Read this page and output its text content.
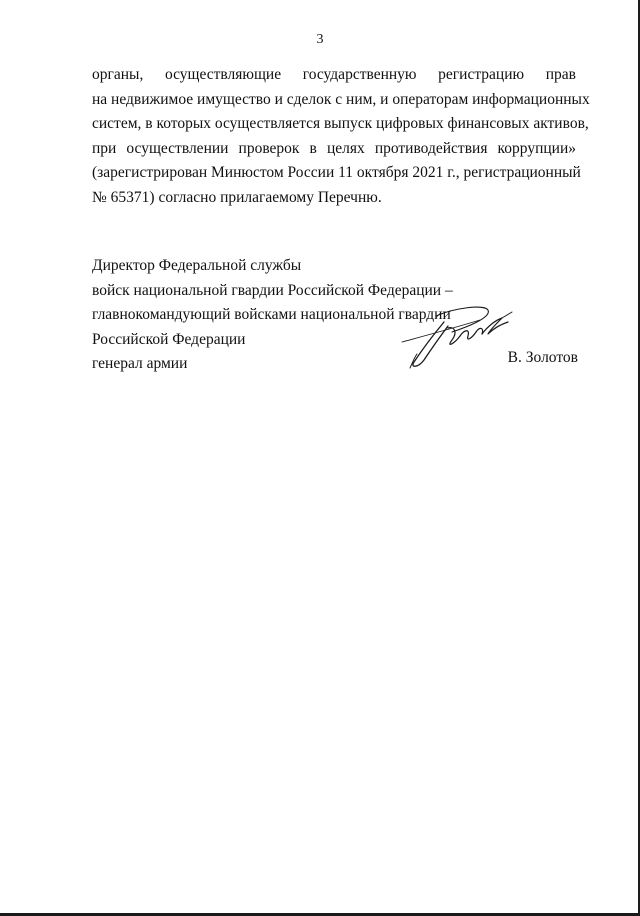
3
органы, осуществляющие государственную регистрацию прав
на недвижимое имущество и сделок с ним, и операторам информационных
систем, в которых осуществляется выпуск цифровых финансовых активов,
при осуществлении проверок в целях противодействия коррупции»
(зарегистрирован Минюстом России 11 октября 2021 г., регистрационный
№ 65371) согласно прилагаемому Перечню.
Директор Федеральной службы
войск национальной гвардии Российской Федерации –
главнокомандующий войсками национальной гвардии
Российской Федерации
генерал армии	В. Золотов
